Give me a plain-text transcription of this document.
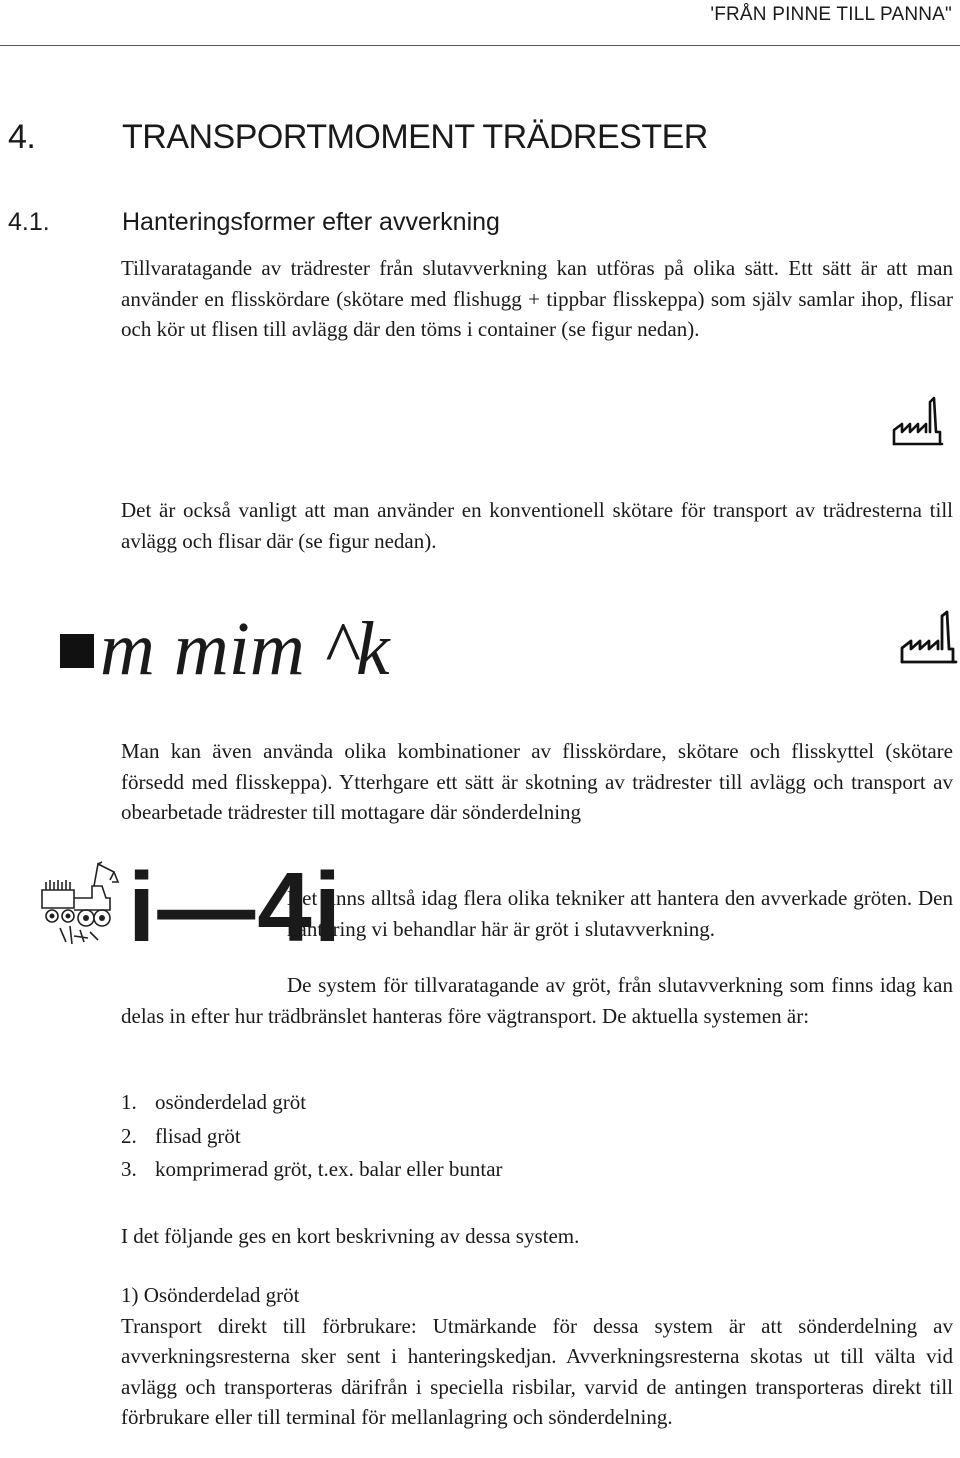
'FRÅN PINNE TILL PANNA"
4.	TRANSPORTMOMENT TRÄDRESTER
4.1.	Hanteringsformer efter avverkning

Tillvaratagande av trädrester från slutavverkning kan utföras på olika sätt. Ett sätt är att man använder en flisskördare (skötare med flishugg + tippbar flisskeppa) som själv samlar ihop, flisar och kör ut flisen till avlägg där den töms i container (se figur nedan).

Det är också vanligt att man använder en konventionell skötare för transport av trädresterna till avlägg och flisar där (se figur nedan).

m mim ^k

Man kan även använda olika kombinationer av flisskördare, skötare och flisskyttel (skötare försedd med flisskeppa). Ytterhgare ett sätt är skotning av trädrester till avlägg och transport av obearbetade trädrester till mottagare där sönderdelning

i—4i

Det finns alltså idag flera olika tekniker att hantera den avverkade gröten. Den hantering vi behandlar här är gröt i slutavverkning.

De system för tillvaratagande av gröt, från slutavverkning som finns idag kan delas in efter hur trädbränslet hanteras före vägtransport. De aktuella systemen är:

1. osönderdelad gröt
2. flisad gröt
3. komprimerad gröt, t.ex. balar eller buntar

I det följande ges en kort beskrivning av dessa system.

1) Osönderdelad gröt

Transport direkt till förbrukare: Utmärkande för dessa system är att sönderdelning av avverkningsresterna sker sent i hanteringskedjan. Avverkningsresterna skotas ut till välta vid avlägg och transporteras därifrån i speciella risbilar, varvid de antingen transporteras direkt till förbrukare eller till terminal för mellanlagring och sönderdelning.
